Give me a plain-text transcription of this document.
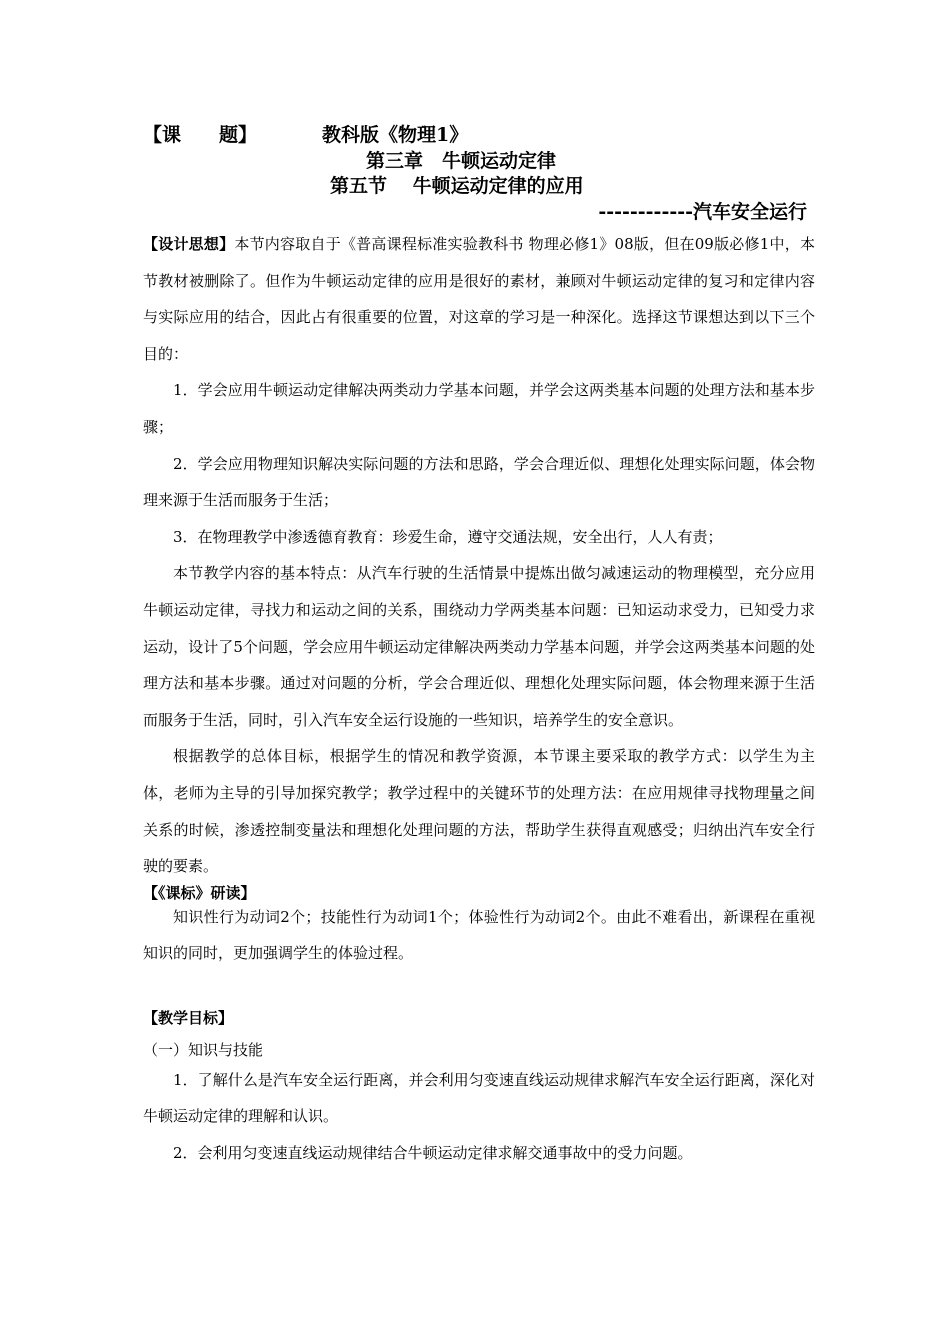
【课　　题】	教科版《物理1》
第三章　牛顿运动定律
第五节　 牛顿运动定律的应用
------------汽车安全运行

【设计思想】本节内容取自于《普高课程标准实验教科书 物理必修1》08版，但在09版必修1中，本节教材被删除了。但作为牛顿运动定律的应用是很好的素材，兼顾对牛顿运动定律的复习和定律内容与实际应用的结合，因此占有很重要的位置，对这章的学习是一种深化。选择这节课想达到以下三个目的：

1．学会应用牛顿运动定律解决两类动力学基本问题，并学会这两类基本问题的处理方法和基本步骤；

2．学会应用物理知识解决实际问题的方法和思路，学会合理近似、理想化处理实际问题，体会物理来源于生活而服务于生活；

3．在物理教学中渗透德育教育：珍爱生命，遵守交通法规，安全出行，人人有责；

本节教学内容的基本特点：从汽车行驶的生活情景中提炼出做匀减速运动的物理模型，充分应用牛顿运动定律，寻找力和运动之间的关系，围绕动力学两类基本问题：已知运动求受力，已知受力求运动，设计了5个问题，学会应用牛顿运动定律解决两类动力学基本问题，并学会这两类基本问题的处理方法和基本步骤。通过对问题的分析，学会合理近似、理想化处理实际问题，体会物理来源于生活而服务于生活，同时，引入汽车安全运行设施的一些知识，培养学生的安全意识。

根据教学的总体目标，根据学生的情况和教学资源，本节课主要采取的教学方式：以学生为主体，老师为主导的引导加探究教学；教学过程中的关键环节的处理方法：在应用规律寻找物理量之间关系的时候，渗透控制变量法和理想化处理问题的方法，帮助学生获得直观感受；归纳出汽车安全行驶的要素。

【《课标》研读】

知识性行为动词2个；技能性行为动词1个；体验性行为动词2个。由此不难看出，新课程在重视知识的同时，更加强调学生的体验过程。

【教学目标】

（一）知识与技能

1．了解什么是汽车安全运行距离，并会利用匀变速直线运动规律求解汽车安全运行距离，深化对牛顿运动定律的理解和认识。

2．会利用匀变速直线运动规律结合牛顿运动定律求解交通事故中的受力问题。
